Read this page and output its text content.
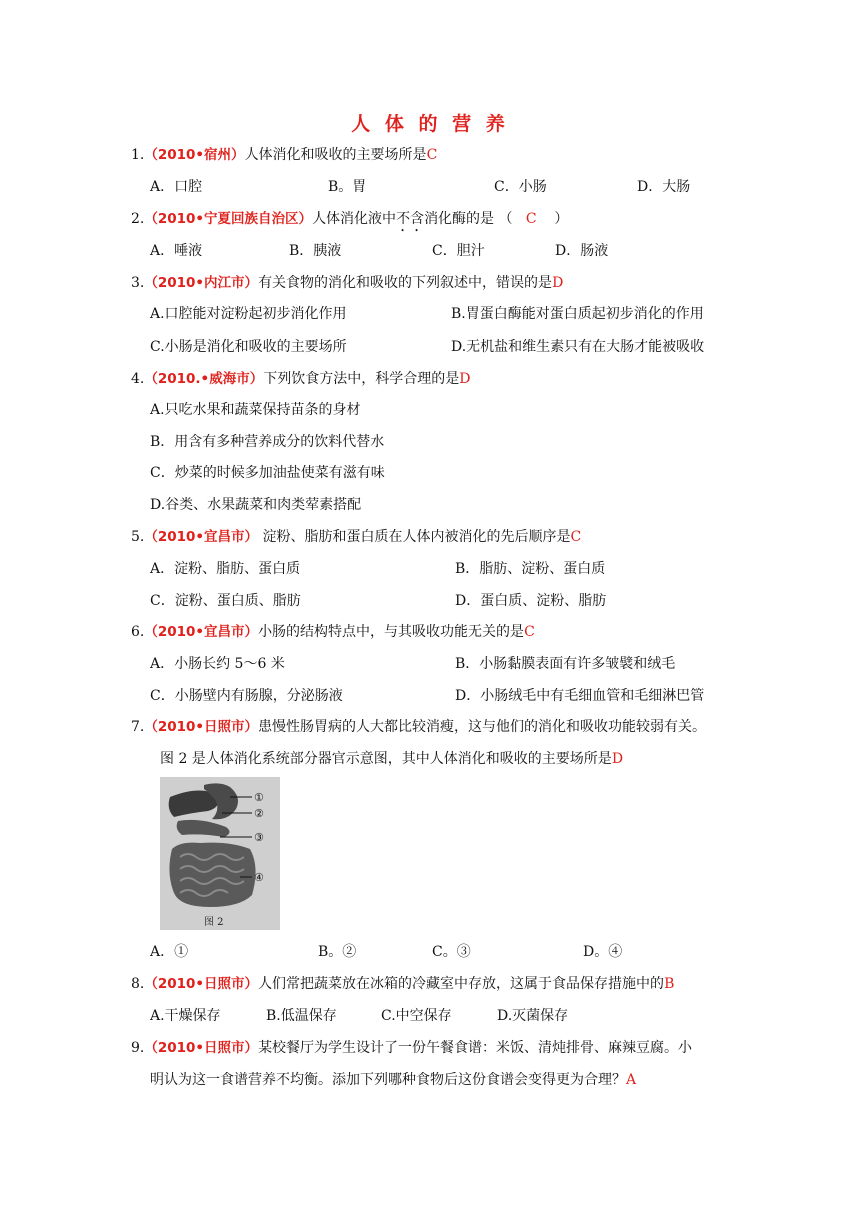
人 体 的 营 养
1.（2010•宿州）人体消化和吸收的主要场所是C
A．口腔	B。胃	C．小肠	D．大肠
2.（2010•宁夏回族自治区）人体消化液中不含消化酶的是 （ C ）
A．唾液	B．胰液	C．胆汁	D．肠液
3.（2010•内江市）有关食物的消化和吸收的下列叙述中，错误的是D
A.口腔能对淀粉起初步消化作用	B.胃蛋白酶能对蛋白质起初步消化的作用
C.小肠是消化和吸收的主要场所	D.无机盐和维生素只有在大肠才能被吸收
4.（2010.•威海市）下列饮食方法中，科学合理的是D
A.只吃水果和蔬菜保持苗条的身材
B．用含有多种营养成分的饮料代替水
C．炒菜的时候多加油盐使菜有滋有味
D.谷类、水果蔬菜和肉类荤素搭配
5.（2010•宜昌市） 淀粉、脂肪和蛋白质在人体内被消化的先后顺序是C
A．淀粉、脂肪、蛋白质	B．脂肪、淀粉、蛋白质
C．淀粉、蛋白质、脂肪	D．蛋白质、淀粉、脂肪
6.（2010•宜昌市）小肠的结构特点中，与其吸收功能无关的是C
A．小肠长约 5～6 米	B．小肠黏膜表面有许多皱襞和绒毛
C．小肠壁内有肠腺，分泌肠液	D．小肠绒毛中有毛细血管和毛细淋巴管
7.（2010•日照市）患慢性肠胃病的人大都比较消瘦，这与他们的消化和吸收功能较弱有关。
图 2 是人体消化系统部分器官示意图，其中人体消化和吸收的主要场所是D
①
②
③
④
图 2
A．①	B。②	C。③	D。④
8.（2010•日照市）人们常把蔬菜放在冰箱的冷藏室中存放，这属于食品保存措施中的B
A.干燥保存	B.低温保存	C.中空保存	D.灭菌保存
9.（2010•日照市）某校餐厅为学生设计了一份午餐食谱：米饭、清炖排骨、麻辣豆腐。小
明认为这一食谱营养不均衡。添加下列哪种食物后这份食谱会变得更为合理？A
